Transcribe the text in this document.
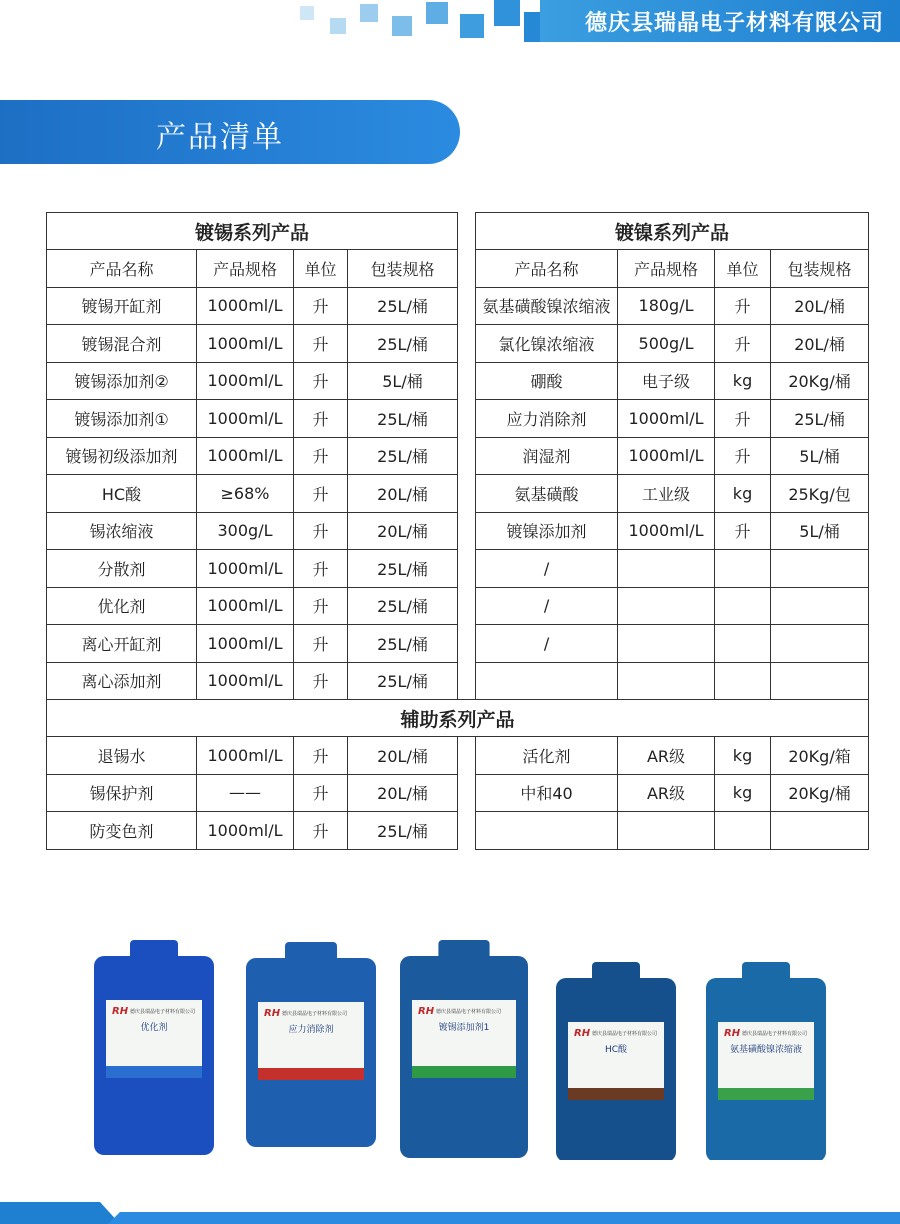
德庆县瑞晶电子材料有限公司
产品清单
镀锡系列产品					镀镍系列产品			
产品名称	产品规格	单位	包装规格		产品名称	产品规格	单位	包装规格
镀锡开缸剂	1000ml/L	升	25L/桶		氨基磺酸镍浓缩液	180g/L	升	20L/桶
镀锡混合剂	1000ml/L	升	25L/桶		氯化镍浓缩液	500g/L	升	20L/桶
镀锡添加剂②	1000ml/L	升	5L/桶		硼酸	电子级	kg	20Kg/桶
镀锡添加剂①	1000ml/L	升	25L/桶		应力消除剂	1000ml/L	升	25L/桶
镀锡初级添加剂	1000ml/L	升	25L/桶		润湿剂	1000ml/L	升	5L/桶
HC酸	≥68%	升	20L/桶		氨基磺酸	工业级	kg	25Kg/包
锡浓缩液	300g/L	升	20L/桶		镀镍添加剂	1000ml/L	升	5L/桶
分散剂	1000ml/L	升	25L/桶		/			
优化剂	1000ml/L	升	25L/桶		/			
离心开缸剂	1000ml/L	升	25L/桶		/			
离心添加剂	1000ml/L	升	25L/桶					
辅助系列产品								
退锡水	1000ml/L	升	20L/桶		活化剂	AR级	kg	20Kg/箱
锡保护剂	——	升	20L/桶		中和40	AR级	kg	20Kg/桶
防变色剂	1000ml/L	升	25L/桶					
RH 德庆县瑞晶电子材料有限公司
优化剂
RH 德庆县瑞晶电子材料有限公司
应力消除剂
RH 德庆县瑞晶电子材料有限公司
镀锡添加剂1	RH 德庆县瑞晶电子材料有限公司
HC酸
RH 德庆县瑞晶电子材料有限公司
氨基磺酸镍浓缩液
